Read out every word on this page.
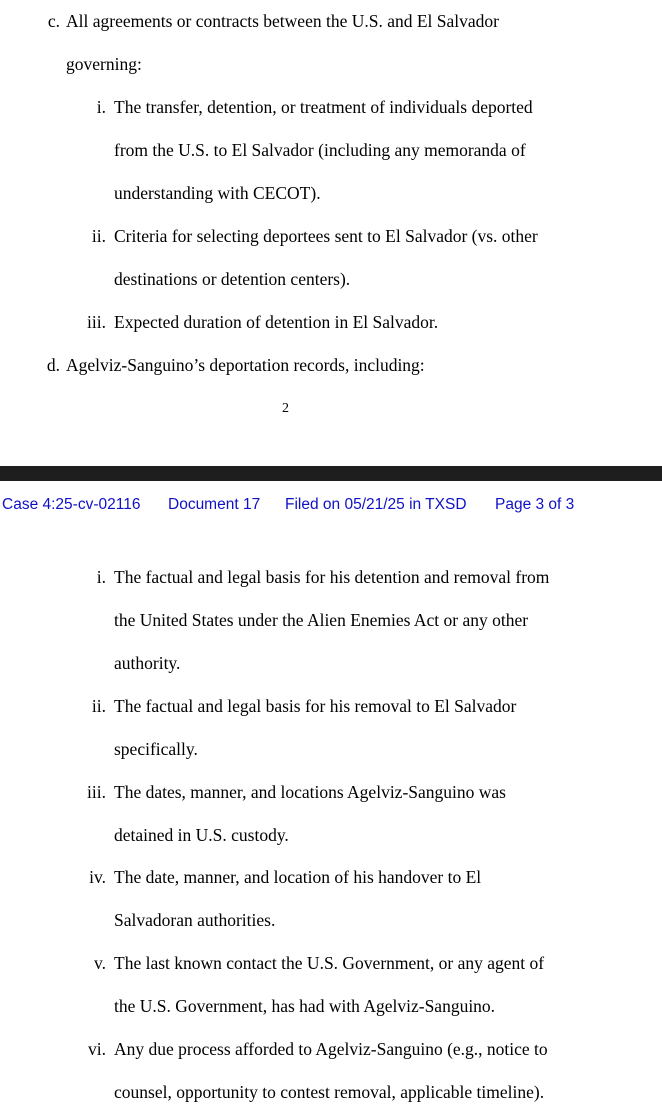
c. All agreements or contracts between the U.S. and El Salvador
governing:
i. The transfer, detention, or treatment of individuals deported
from the U.S. to El Salvador (including any memoranda of
understanding with CECOT).
ii. Criteria for selecting deportees sent to El Salvador (vs. other
destinations or detention centers).
iii. Expected duration of detention in El Salvador.
d. Agelviz-Sanguino’s deportation records, including:
2
Case 4:25-cv-02116 Document 17 Filed on 05/21/25 in TXSD Page 3 of 3
i. The factual and legal basis for his detention and removal from
the United States under the Alien Enemies Act or any other
authority.
ii. The factual and legal basis for his removal to El Salvador
specifically.
iii. The dates, manner, and locations Agelviz-Sanguino was
detained in U.S. custody.
iv. The date, manner, and location of his handover to El
Salvadoran authorities.
v. The last known contact the U.S. Government, or any agent of
the U.S. Government, has had with Agelviz-Sanguino.
vi. Any due process afforded to Agelviz-Sanguino (e.g., notice to
counsel, opportunity to contest removal, applicable timeline).
